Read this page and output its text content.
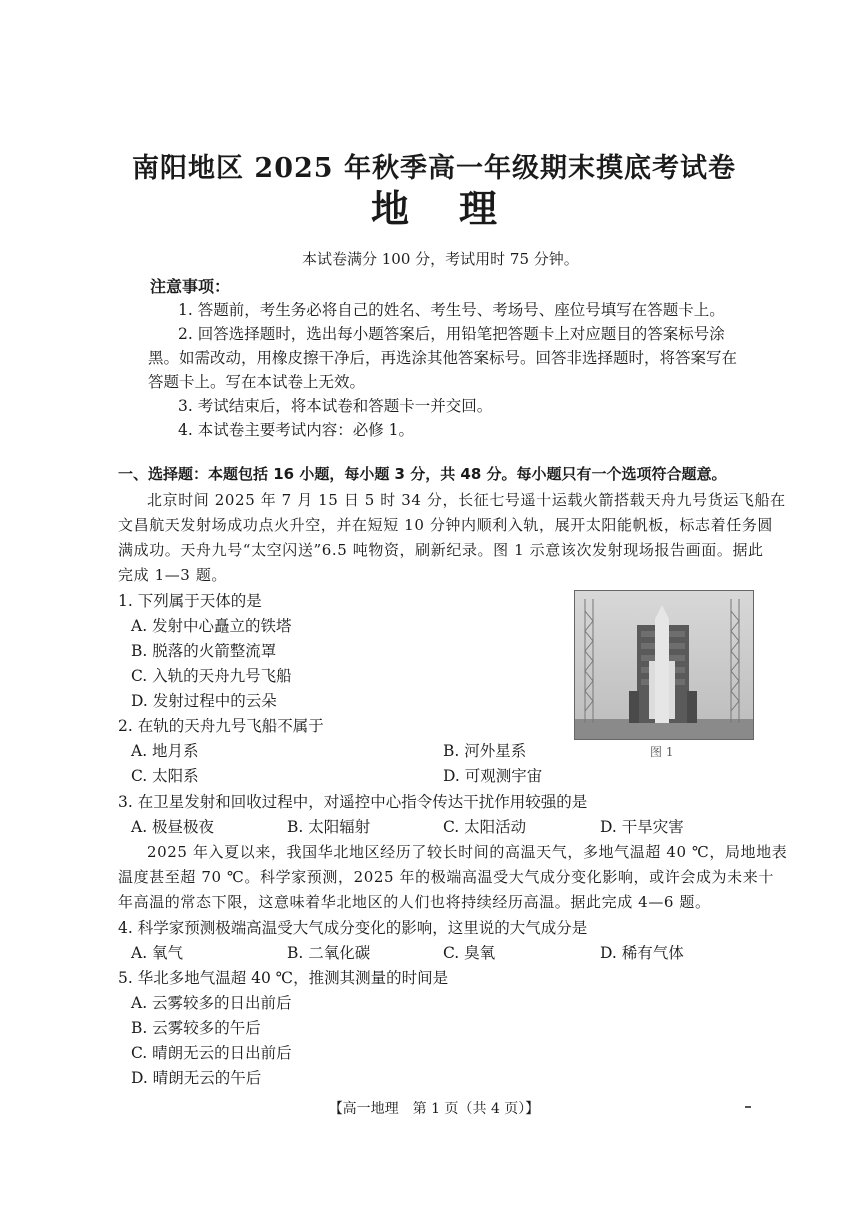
南阳地区 2025 年秋季高一年级期末摸底考试卷
地理
本试卷满分 100 分，考试用时 75 分钟。
注意事项：
1. 答题前，考生务必将自己的姓名、考生号、考场号、座位号填写在答题卡上。
2. 回答选择题时，选出每小题答案后，用铅笔把答题卡上对应题目的答案标号涂
黑。如需改动，用橡皮擦干净后，再选涂其他答案标号。回答非选择题时，将答案写在
答题卡上。写在本试卷上无效。
3. 考试结束后，将本试卷和答题卡一并交回。
4. 本试卷主要考试内容：必修 1。
一、选择题：本题包括 16 小题，每小题 3 分，共 48 分。每小题只有一个选项符合题意。
北京时间 2025 年 7 月 15 日 5 时 34 分，长征七号遥十运载火箭搭载天舟九号货运飞船在
文昌航天发射场成功点火升空，并在短短 10 分钟内顺利入轨，展开太阳能帆板，标志着任务圆
满成功。天舟九号“太空闪送”6.5 吨物资，刷新纪录。图 1 示意该次发射现场报告画面。据此
完成 1—3 题。
图 1
1. 下列属于天体的是
A. 发射中心矗立的铁塔
B. 脱落的火箭整流罩
C. 入轨的天舟九号飞船
D. 发射过程中的云朵
2. 在轨的天舟九号飞船不属于
A. 地月系	B. 河外星系
C. 太阳系	D. 可观测宇宙
3. 在卫星发射和回收过程中，对遥控中心指令传达干扰作用较强的是
A. 极昼极夜	B. 太阳辐射	C. 太阳活动	D. 干旱灾害
2025 年入夏以来，我国华北地区经历了较长时间的高温天气，多地气温超 40 ℃，局地地表
温度甚至超 70 ℃。科学家预测，2025 年的极端高温受大气成分变化影响，或许会成为未来十
年高温的常态下限，这意味着华北地区的人们也将持续经历高温。据此完成 4—6 题。
4. 科学家预测极端高温受大气成分变化的影响，这里说的大气成分是
A. 氧气	B. 二氧化碳	C. 臭氧	D. 稀有气体
5. 华北多地气温超 40 ℃，推测其测量的时间是
A. 云雾较多的日出前后
B. 云雾较多的午后
C. 晴朗无云的日出前后
D. 晴朗无云的午后
【高一地理　第 1 页（共 4 页）】
